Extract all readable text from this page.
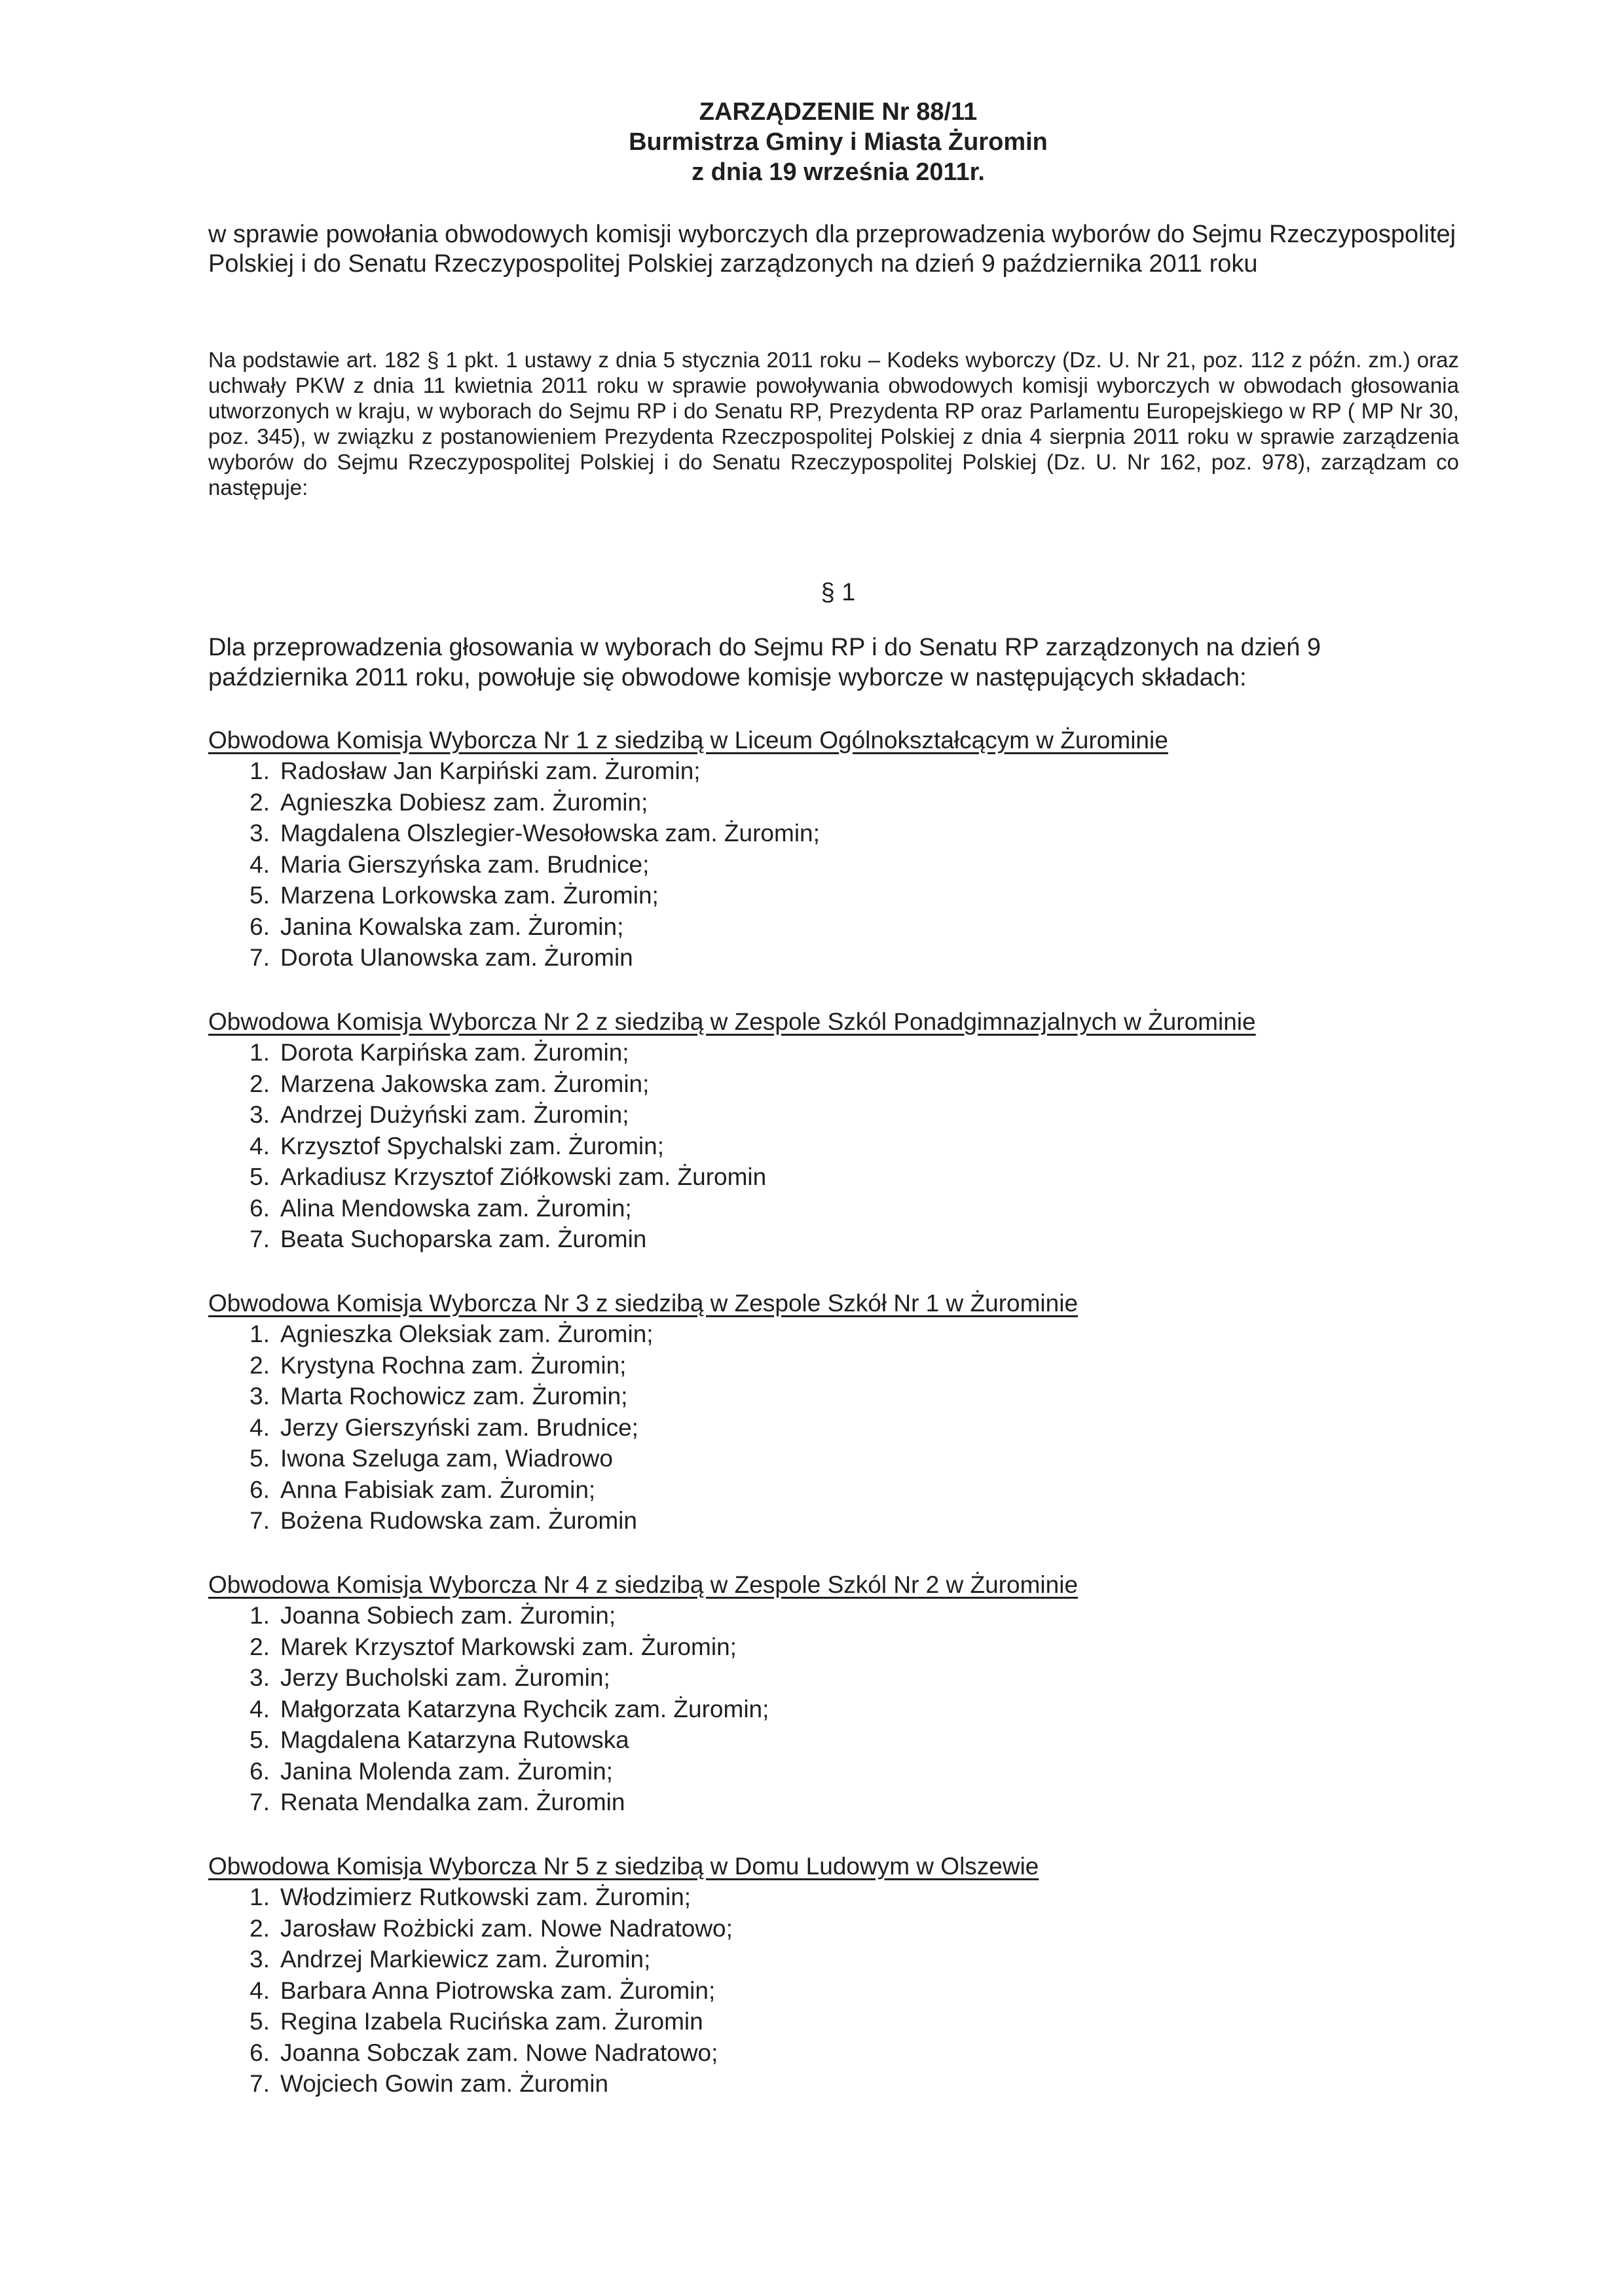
ZARZĄDZENIE Nr 88/11
Burmistrza Gminy i Miasta Żuromin
z dnia 19 września 2011r.
w sprawie powołania obwodowych komisji wyborczych dla przeprowadzenia wyborów do Sejmu Rzeczypospolitej Polskiej i do Senatu Rzeczypospolitej Polskiej zarządzonych na dzień 9 października 2011 roku
Na podstawie art. 182 § 1 pkt. 1 ustawy z dnia 5 stycznia 2011 roku – Kodeks wyborczy (Dz. U. Nr 21, poz. 112 z późn. zm.) oraz uchwały PKW z dnia 11 kwietnia 2011 roku w sprawie powoływania obwodowych komisji wyborczych w obwodach głosowania utworzonych w kraju, w wyborach do Sejmu RP i do Senatu RP, Prezydenta RP oraz Parlamentu Europejskiego w RP ( MP Nr 30, poz. 345), w związku z postanowieniem Prezydenta Rzeczpospolitej Polskiej z dnia 4 sierpnia 2011 roku w sprawie zarządzenia wyborów do Sejmu Rzeczypospolitej Polskiej i do Senatu Rzeczypospolitej Polskiej (Dz. U. Nr 162, poz. 978), zarządzam co następuje:
§ 1
Dla przeprowadzenia głosowania w wyborach do Sejmu RP i do Senatu RP zarządzonych na dzień 9 października 2011 roku, powołuje się obwodowe komisje wyborcze w następujących składach:
Obwodowa Komisja Wyborcza Nr 1 z siedzibą w Liceum Ogólnokształcącym w Żurominie
1. Radosław Jan Karpiński zam. Żuromin;
2. Agnieszka Dobiesz zam. Żuromin;
3. Magdalena Olszlegier-Wesołowska zam. Żuromin;
4. Maria Gierszyńska zam. Brudnice;
5. Marzena Lorkowska zam. Żuromin;
6. Janina Kowalska zam. Żuromin;
7. Dorota Ulanowska zam. Żuromin
Obwodowa Komisja Wyborcza Nr 2 z siedzibą w Zespole Szkól Ponadgimnazjalnych w Żurominie
1. Dorota Karpińska zam. Żuromin;
2. Marzena Jakowska zam. Żuromin;
3. Andrzej Dużyński zam. Żuromin;
4. Krzysztof Spychalski zam. Żuromin;
5. Arkadiusz Krzysztof Ziółkowski zam. Żuromin
6. Alina Mendowska zam. Żuromin;
7. Beata Suchoparska zam. Żuromin
Obwodowa Komisja Wyborcza Nr 3 z siedzibą w Zespole Szkół Nr 1 w Żurominie
1. Agnieszka Oleksiak zam. Żuromin;
2. Krystyna Rochna zam. Żuromin;
3. Marta Rochowicz zam. Żuromin;
4. Jerzy Gierszyński zam. Brudnice;
5. Iwona Szeluga zam, Wiadrowo
6. Anna Fabisiak zam. Żuromin;
7. Bożena Rudowska zam. Żuromin
Obwodowa Komisja Wyborcza Nr 4 z siedzibą w Zespole Szkól Nr 2 w Żurominie
1. Joanna Sobiech zam. Żuromin;
2. Marek Krzysztof Markowski zam. Żuromin;
3. Jerzy Bucholski zam. Żuromin;
4. Małgorzata Katarzyna Rychcik zam. Żuromin;
5. Magdalena Katarzyna Rutowska
6. Janina Molenda zam. Żuromin;
7. Renata Mendalka zam. Żuromin
Obwodowa Komisja Wyborcza Nr 5 z siedzibą w Domu Ludowym w Olszewie
1. Włodzimierz Rutkowski zam. Żuromin;
2. Jarosław Rożbicki zam. Nowe Nadratowo;
3. Andrzej Markiewicz zam. Żuromin;
4. Barbara Anna Piotrowska zam. Żuromin;
5. Regina Izabela Rucińska zam. Żuromin
6. Joanna Sobczak zam. Nowe Nadratowo;
7. Wojciech Gowin zam. Żuromin
